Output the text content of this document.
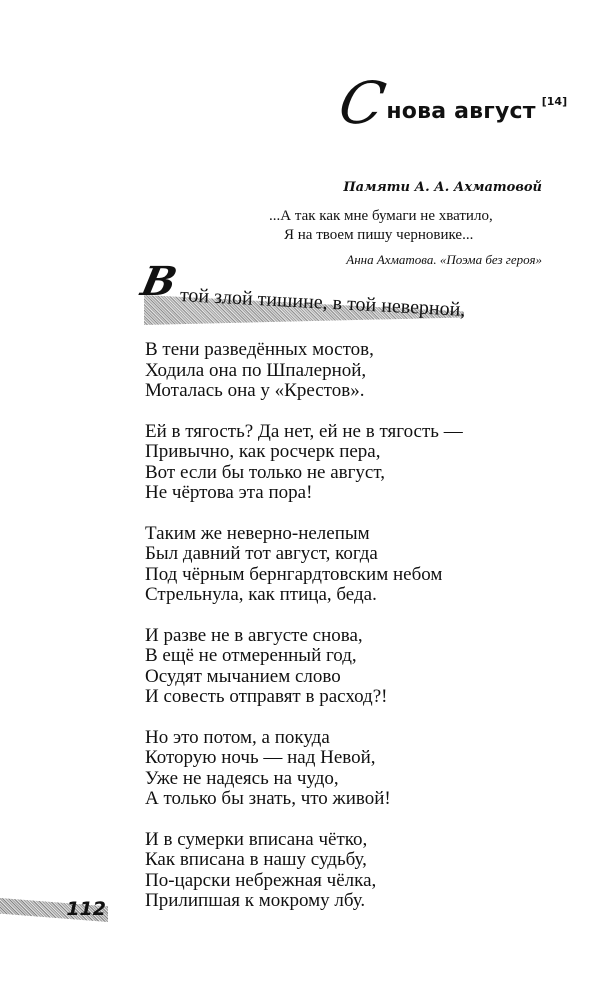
С
нова август [14]
Памяти А. А. Ахматовой
...А так как мне бумаги не хватило,
Я на твоем пишу черновике...
Анна Ахматова. «Поэма без героя»
В
той злой тишине, в той неверной,
В тени разведённых мостов,
Ходила она по Шпалерной,
Моталась она у «Крестов».
Ей в тягость? Да нет, ей не в тягость —
Привычно, как росчерк пера,
Вот если бы только не август,
Не чёртова эта пора!
Таким же неверно-нелепым
Был давний тот август, когда
Под чёрным бернгардтовским небом
Стрельнула, как птица, беда.
И разве не в августе снова,
В ещё не отмеренный год,
Осудят мычанием слово
И совесть отправят в расход?!
Но это потом, а покуда
Которую ночь — над Невой,
Уже не надеясь на чудо,
А только бы знать, что живой!
И в сумерки вписана чётко,
Как вписана в нашу судьбу,
По-царски небрежная чёлка,
Прилипшая к мокрому лбу.
112
